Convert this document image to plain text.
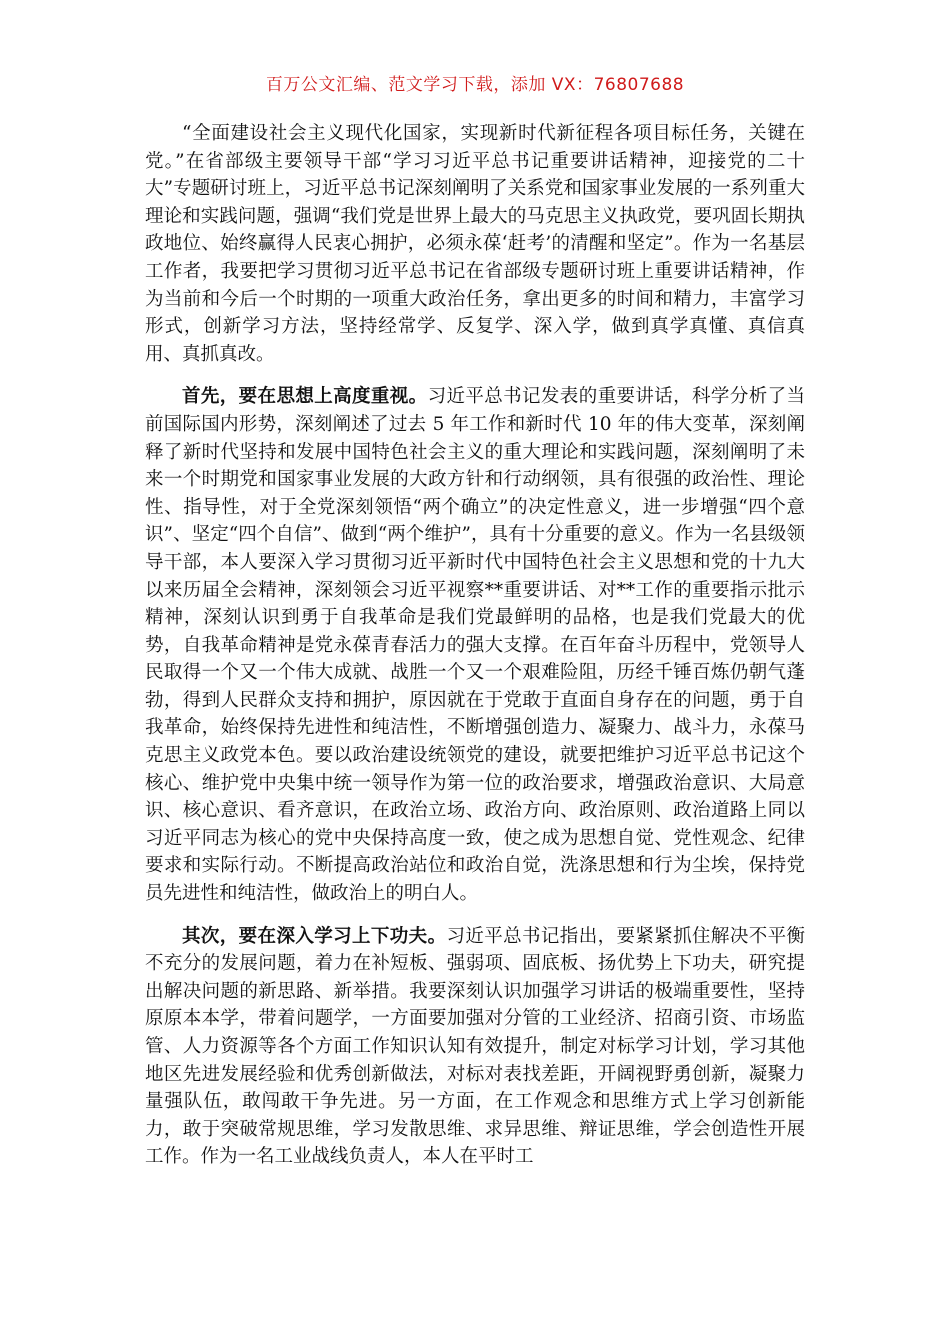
百万公文汇编、范文学习下载，添加 VX：76807688

“全面建设社会主义现代化国家，实现新时代新征程各项目标任务，关键在党。”在省部级主要领导干部“学习习近平总书记重要讲话精神，迎接党的二十大”专题研讨班上，习近平总书记深刻阐明了关系党和国家事业发展的一系列重大理论和实践问题，强调“我们党是世界上最大的马克思主义执政党，要巩固长期执政地位、始终赢得人民衷心拥护，必须永葆‘赶考’的清醒和坚定”。作为一名基层工作者，我要把学习贯彻习近平总书记在省部级专题研讨班上重要讲话精神，作为当前和今后一个时期的一项重大政治任务，拿出更多的时间和精力，丰富学习形式，创新学习方法，坚持经常学、反复学、深入学，做到真学真懂、真信真用、真抓真改。

首先，要在思想上高度重视。习近平总书记发表的重要讲话，科学分析了当前国际国内形势，深刻阐述了过去 5 年工作和新时代 10 年的伟大变革，深刻阐释了新时代坚持和发展中国特色社会主义的重大理论和实践问题，深刻阐明了未来一个时期党和国家事业发展的大政方针和行动纲领，具有很强的政治性、理论性、指导性，对于全党深刻领悟“两个确立”的决定性意义，进一步增强“四个意识”、坚定“四个自信”、做到“两个维护”，具有十分重要的意义。作为一名县级领导干部，本人要深入学习贯彻习近平新时代中国特色社会主义思想和党的十九大以来历届全会精神，深刻领会习近平视察**重要讲话、对**工作的重要指示批示精神，深刻认识到勇于自我革命是我们党最鲜明的品格，也是我们党最大的优势，自我革命精神是党永葆青春活力的强大支撑。在百年奋斗历程中，党领导人民取得一个又一个伟大成就、战胜一个又一个艰难险阻，历经千锤百炼仍朝气蓬勃，得到人民群众支持和拥护，原因就在于党敢于直面自身存在的问题，勇于自我革命，始终保持先进性和纯洁性，不断增强创造力、凝聚力、战斗力，永葆马克思主义政党本色。要以政治建设统领党的建设，就要把维护习近平总书记这个核心、维护党中央集中统一领导作为第一位的政治要求，增强政治意识、大局意识、核心意识、看齐意识，在政治立场、政治方向、政治原则、政治道路上同以习近平同志为核心的党中央保持高度一致，使之成为思想自觉、党性观念、纪律要求和实际行动。不断提高政治站位和政治自觉，洗涤思想和行为尘埃，保持党员先进性和纯洁性，做政治上的明白人。

其次，要在深入学习上下功夫。习近平总书记指出，要紧紧抓住解决不平衡不充分的发展问题，着力在补短板、强弱项、固底板、扬优势上下功夫，研究提出解决问题的新思路、新举措。我要深刻认识加强学习讲话的极端重要性，坚持原原本本学，带着问题学，一方面要加强对分管的工业经济、招商引资、市场监管、人力资源等各个方面工作知识认知有效提升，制定对标学习计划，学习其他地区先进发展经验和优秀创新做法，对标对表找差距，开阔视野勇创新，凝聚力量强队伍，敢闯敢干争先进。另一方面，在工作观念和思维方式上学习创新能力，敢于突破常规思维，学习发散思维、求异思维、辩证思维，学会创造性开展工作。作为一名工业战线负责人，本人在平时工
